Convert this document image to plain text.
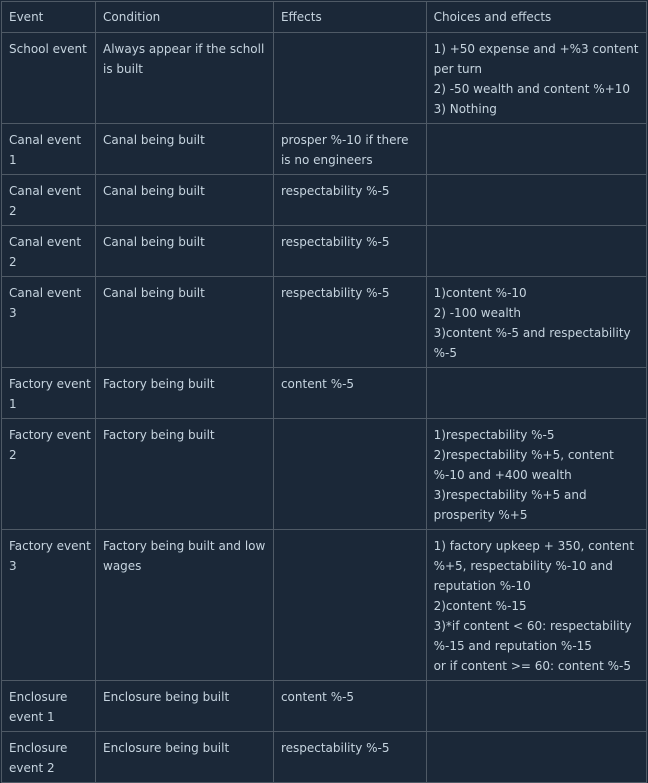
Event	Condition	Effects	Choices and effects
School event	Always appear if the scholl is built		1) +50 expense and +%3 content per turn
2) -50 wealth and content %+10
3) Nothing

Canal event 1	Canal being built	prosper %-10 if there is no engineers	
Canal event 2	Canal being built	respectability %-5	
Canal event 2	Canal being built	respectability %-5	
Canal event 3	Canal being built	respectability %-5	1)content %-10
2) -100 wealth
3)content %-5 and respectability %-5

Factory event 1	Factory being built	content %-5	
Factory event 2	Factory being built		1)respectability %-5
2)respectability %+5, content %-10 and +400 wealth
3)respectability %+5 and prosperity %+5

Factory event 3	Factory being built and low wages		1) factory upkeep + 350, content %+5, respectability %-10 and reputation %-10
2)content %-15
3)*if content < 60: respectability %-15 and reputation %-15
or if content >= 60: content %-5

Enclosure event 1	Enclosure being built	content %-5	
Enclosure event 2	Enclosure being built	respectability %-5	
